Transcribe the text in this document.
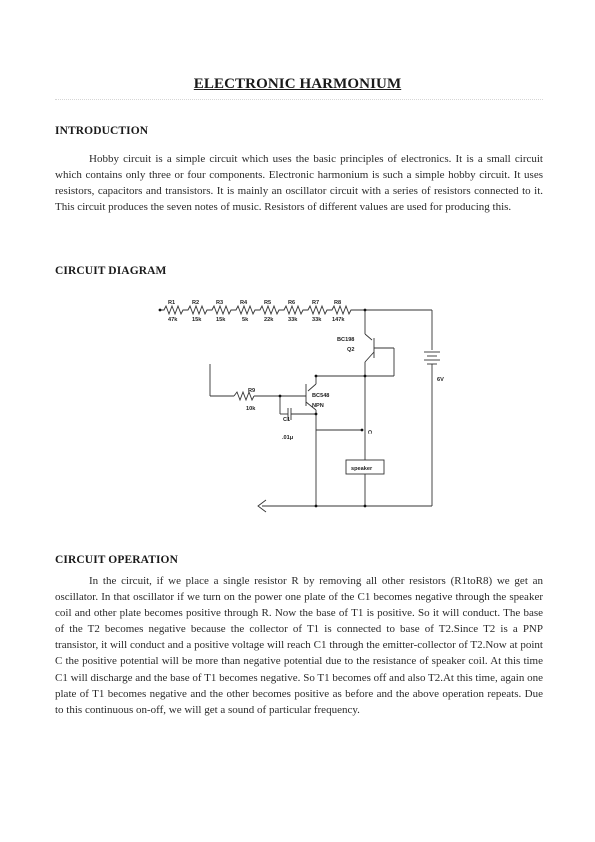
ELECTRONIC HARMONIUM
INTRODUCTION
Hobby circuit is a simple circuit which uses the basic principles of electronics. It is a small circuit which contains only three or four components. Electronic harmonium is such a simple hobby circuit. It uses resistors, capacitors and transistors. It is mainly an oscillator circuit with a series of resistors connected to it. This circuit produces the seven notes of music. Resistors of different values are used for producing this.
CIRCUIT DIAGRAM
R1
47k
R2
15k
R3
15k
R4
5k
R5
22k
R6
33k
R7
33k
R8
147k
BC198
Q2
BC548
NPN
R9
10k
C1
.01μ
C
speaker
6V
CIRCUIT OPERATION
In the circuit, if we place a single resistor R by removing all other resistors (R1toR8) we get an oscillator. In that oscillator if we turn on the power one plate of the C1 becomes negative through the speaker coil and other plate becomes positive through R. Now the base of T1 is positive. So it will conduct. The base of the T2 becomes negative because the collector of T1 is connected to base of T2.Since T2 is a PNP transistor, it will conduct and a positive voltage will reach C1 through the emitter-collector of T2.Now at point C the positive potential will be more than negative potential due to the resistance of speaker coil. At this time C1 will discharge and the base of T1 becomes negative. So T1 becomes off and also T2.At this time, again one plate of T1 becomes negative and the other becomes positive as before and the above operation repeats. Due to this continuous on-off, we will get a sound of particular frequency.
